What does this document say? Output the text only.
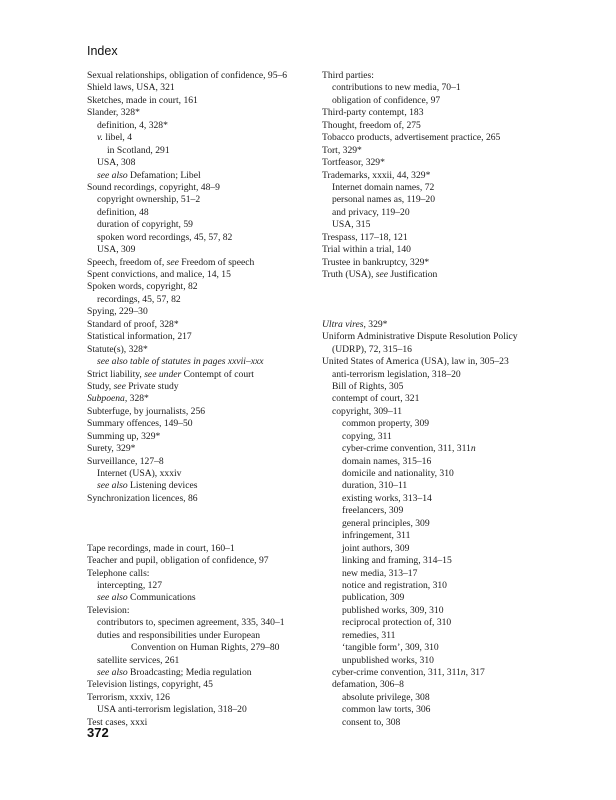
Index
Sexual relationships, obligation of confidence, 95–6
Shield laws, USA, 321
Sketches, made in court, 161
Slander, 328*
definition, 4, 328*
v. libel, 4
in Scotland, 291
USA, 308
see also Defamation; Libel
Sound recordings, copyright, 48–9
copyright ownership, 51–2
definition, 48
duration of copyright, 59
spoken word recordings, 45, 57, 82
USA, 309
Speech, freedom of, see Freedom of speech
Spent convictions, and malice, 14, 15
Spoken words, copyright, 82
recordings, 45, 57, 82
Spying, 229–30
Standard of proof, 328*
Statistical information, 217
Statute(s), 328*
see also table of statutes in pages xxvii–xxx
Strict liability, see under Contempt of court
Study, see Private study
Subpoena, 328*
Subterfuge, by journalists, 256
Summary offences, 149–50
Summing up, 329*
Surety, 329*
Surveillance, 127–8
Internet (USA), xxxiv
see also Listening devices
Synchronization licences, 86
Tape recordings, made in court, 160–1
Teacher and pupil, obligation of confidence, 97
Telephone calls:
intercepting, 127
see also Communications
Television:
contributors to, specimen agreement, 335, 340–1
duties and responsibilities under European
Convention on Human Rights, 279–80
satellite services, 261
see also Broadcasting; Media regulation
Television listings, copyright, 45
Terrorism, xxxiv, 126
USA anti-terrorism legislation, 318–20
Test cases, xxxi
Third parties:
contributions to new media, 70–1
obligation of confidence, 97
Third-party contempt, 183
Thought, freedom of, 275
Tobacco products, advertisement practice, 265
Tort, 329*
Tortfeasor, 329*
Trademarks, xxxii, 44, 329*
Internet domain names, 72
personal names as, 119–20
and privacy, 119–20
USA, 315
Trespass, 117–18, 121
Trial within a trial, 140
Trustee in bankruptcy, 329*
Truth (USA), see Justification
Ultra vires, 329*
Uniform Administrative Dispute Resolution Policy
(UDRP), 72, 315–16
United States of America (USA), law in, 305–23
anti-terrorism legislation, 318–20
Bill of Rights, 305
contempt of court, 321
copyright, 309–11
common property, 309
copying, 311
cyber-crime convention, 311, 311n
domain names, 315–16
domicile and nationality, 310
duration, 310–11
existing works, 313–14
freelancers, 309
general principles, 309
infringement, 311
joint authors, 309
linking and framing, 314–15
new media, 313–17
notice and registration, 310
publication, 309
published works, 309, 310
reciprocal protection of, 310
remedies, 311
‘tangible form’, 309, 310
unpublished works, 310
cyber-crime convention, 311, 311n, 317
defamation, 306–8
absolute privilege, 308
common law torts, 306
consent to, 308
372
